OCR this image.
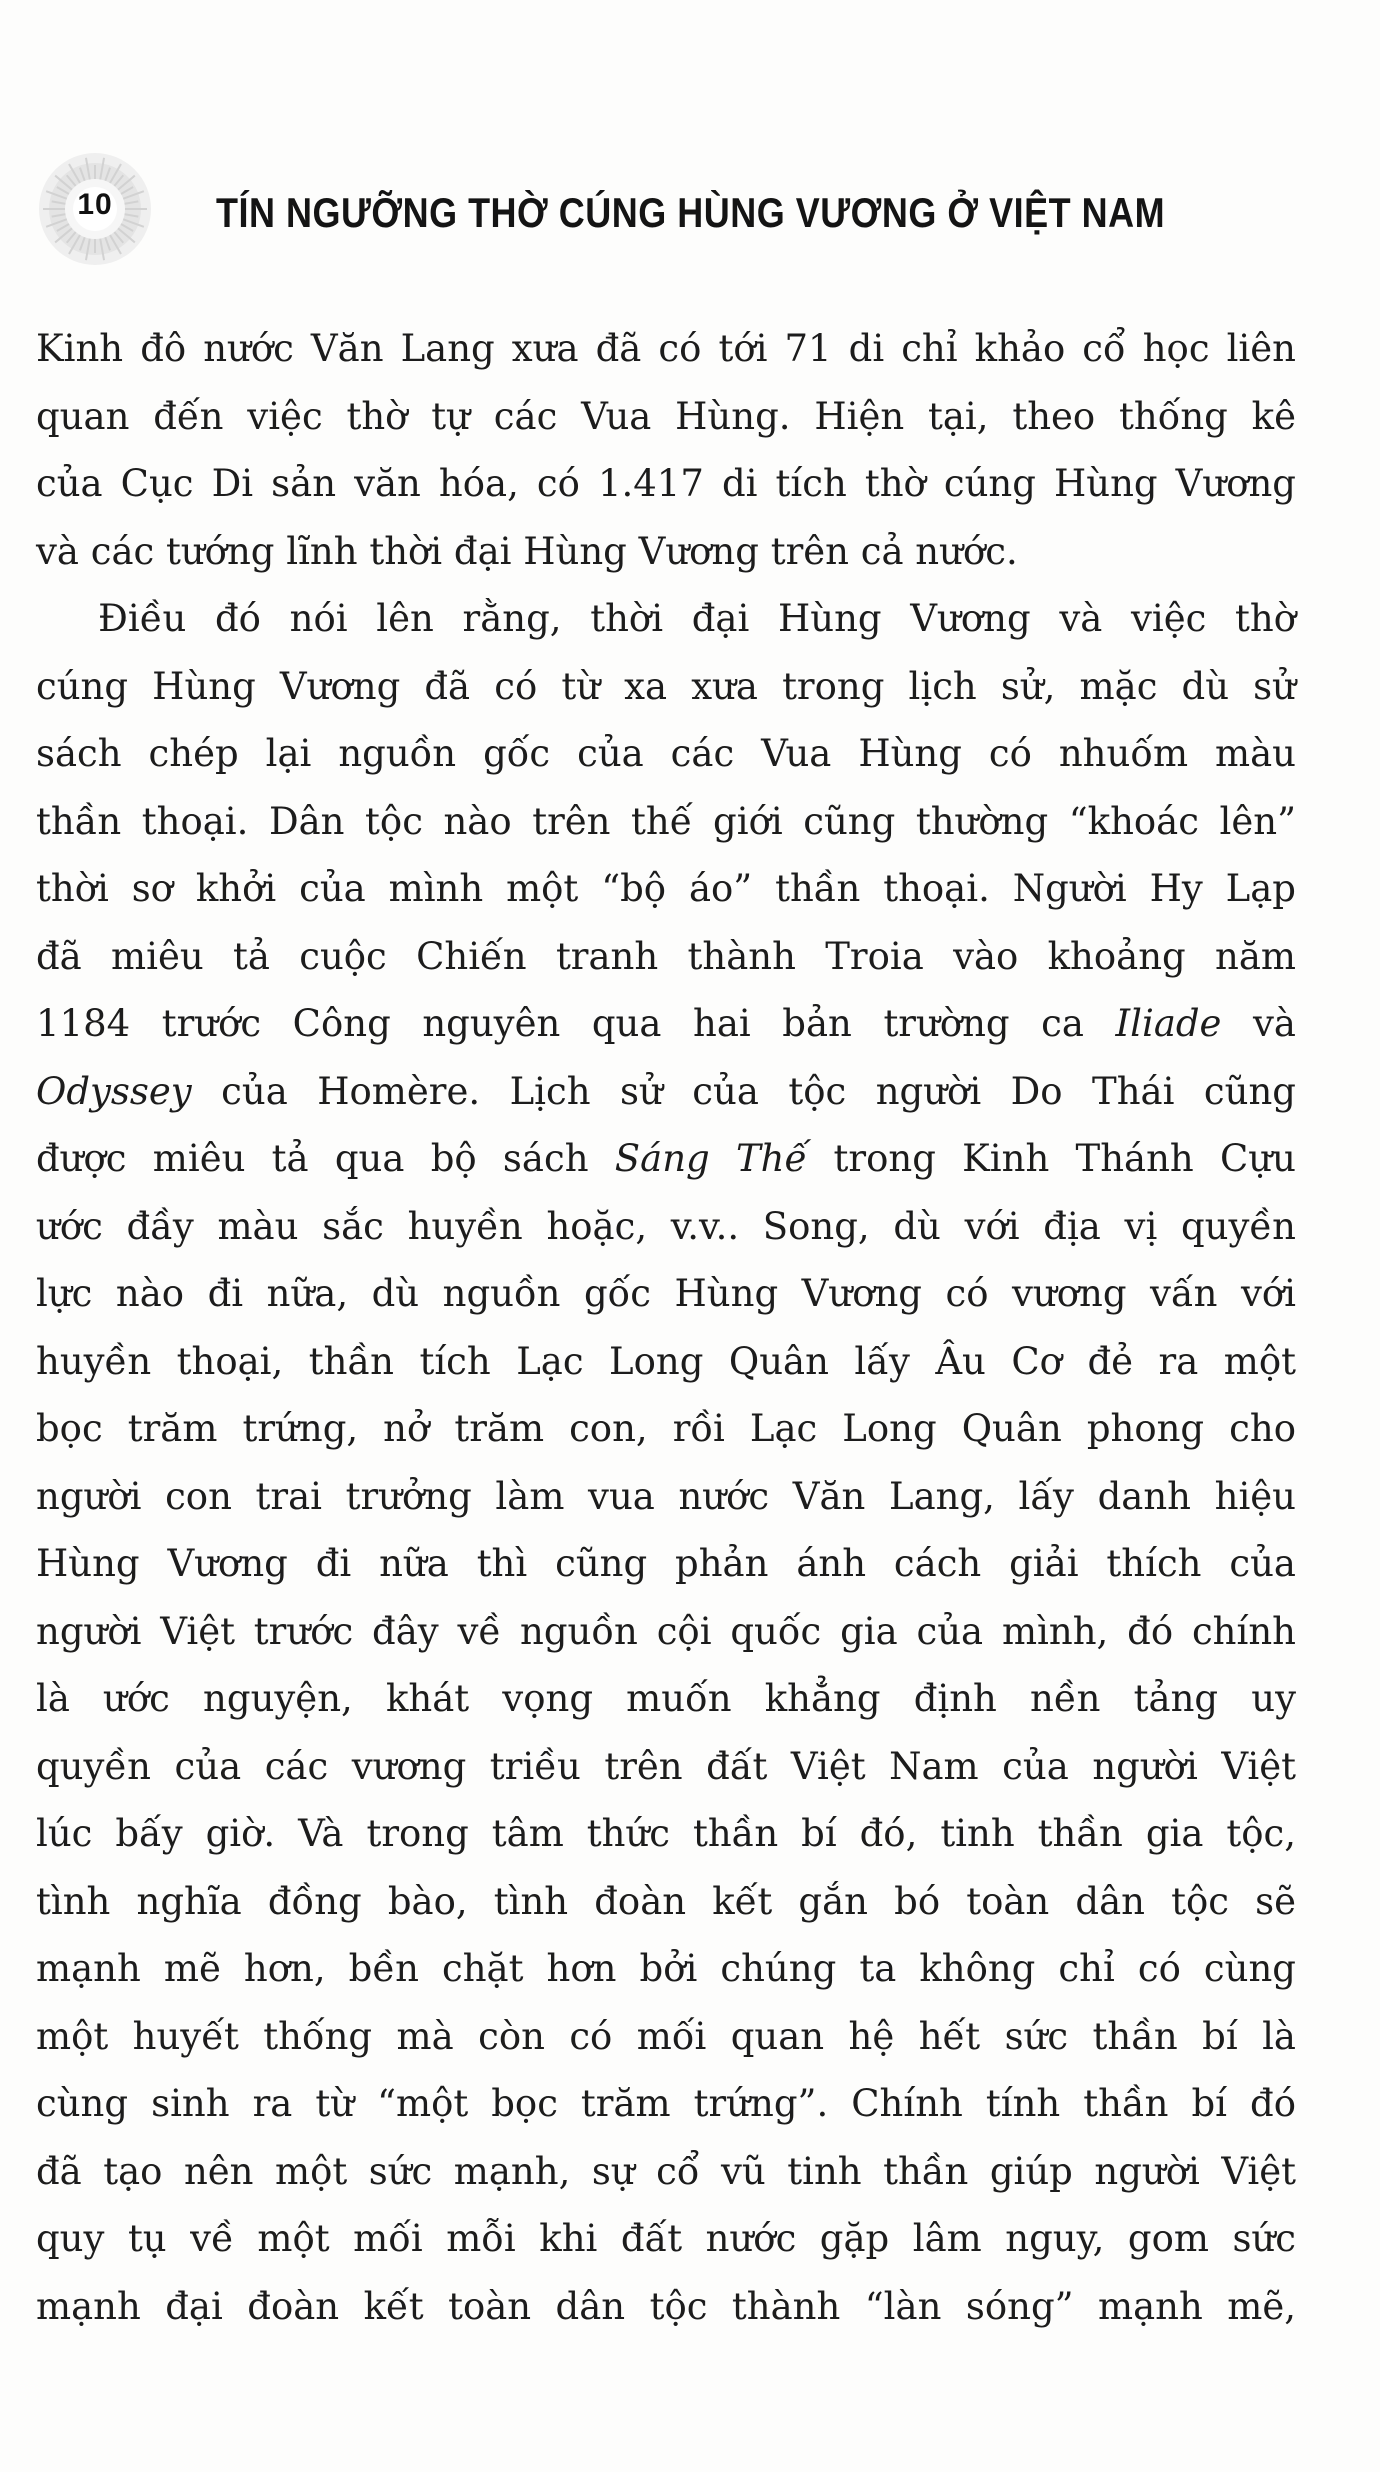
10	TÍN NGƯỠNG THỜ CÚNG HÙNG VƯƠNG Ở VIỆT NAM
Kinh đô nước Văn Lang xưa đã có tới 71 di chỉ khảo cổ học liên
quan đến việc thờ tự các Vua Hùng. Hiện tại, theo thống kê
của Cục Di sản văn hóa, có 1.417 di tích thờ cúng Hùng Vương
và các tướng lĩnh thời đại Hùng Vương trên cả nước.
Điều đó nói lên rằng, thời đại Hùng Vương và việc thờ
cúng Hùng Vương đã có từ xa xưa trong lịch sử, mặc dù sử
sách chép lại nguồn gốc của các Vua Hùng có nhuốm màu
thần thoại. Dân tộc nào trên thế giới cũng thường “khoác lên”
thời sơ khởi của mình một “bộ áo” thần thoại. Người Hy Lạp
đã miêu tả cuộc Chiến tranh thành Troia vào khoảng năm
1184 trước Công nguyên qua hai bản trường ca Iliade và
Odyssey của Homère. Lịch sử của tộc người Do Thái cũng
được miêu tả qua bộ sách Sáng Thế trong Kinh Thánh Cựu
ước đầy màu sắc huyền hoặc, v.v.. Song, dù với địa vị quyền
lực nào đi nữa, dù nguồn gốc Hùng Vương có vương vấn với
huyền thoại, thần tích Lạc Long Quân lấy Âu Cơ đẻ ra một
bọc trăm trứng, nở trăm con, rồi Lạc Long Quân phong cho
người con trai trưởng làm vua nước Văn Lang, lấy danh hiệu
Hùng Vương đi nữa thì cũng phản ánh cách giải thích của
người Việt trước đây về nguồn cội quốc gia của mình, đó chính
là ước nguyện, khát vọng muốn khẳng định nền tảng uy
quyền của các vương triều trên đất Việt Nam của người Việt
lúc bấy giờ. Và trong tâm thức thần bí đó, tinh thần gia tộc,
tình nghĩa đồng bào, tình đoàn kết gắn bó toàn dân tộc sẽ
mạnh mẽ hơn, bền chặt hơn bởi chúng ta không chỉ có cùng
một huyết thống mà còn có mối quan hệ hết sức thần bí là
cùng sinh ra từ “một bọc trăm trứng”. Chính tính thần bí đó
đã tạo nên một sức mạnh, sự cổ vũ tinh thần giúp người Việt
quy tụ về một mối mỗi khi đất nước gặp lâm nguy, gom sức
mạnh đại đoàn kết toàn dân tộc thành “làn sóng” mạnh mẽ,
